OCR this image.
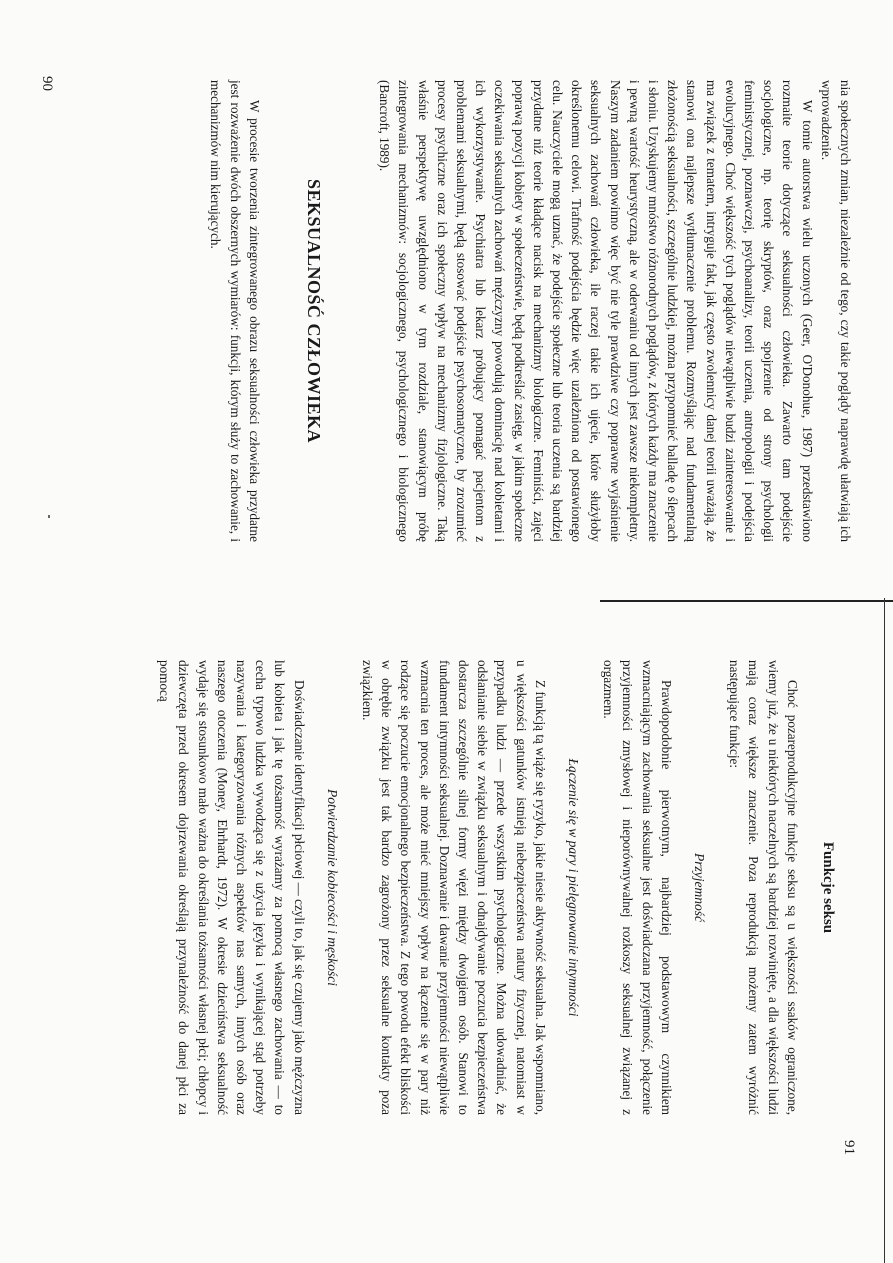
nia społecznych zmian, niezależnie od tego, czy takie poglądy naprawdę ułatwiają ich wprowadzenie.

W tomie autorstwa wielu uczonych (Geer, O'Donohue, 1987) przedstawiono rozmaite teorie dotyczące seksualności człowieka. Zawarto tam podejście socjologiczne, np. teorię skryptów, oraz spojrzenie od strony psychologii feministycznej, poznawczej, psychoanalizy, teorii uczenia, antropologii i podejścia ewolucyjnego. Choć większość tych poglądów niewątpliwie budzi zainteresowanie i ma związek z tematem, intryguje fakt, jak często zwolennicy danej teorii uważają, że stanowi ona najlepsze wytłumaczenie problemu. Rozmyślając nad fundamentalną złożonością seksualności, szczególnie ludzkiej, można przypomnieć balladę o ślepcach i słoniu. Uzyskujemy mnóstwo różnorodnych poglądów, z których każdy ma znaczenie i pewną wartość heurystyczną, ale w oderwaniu od innych jest zawsze niekompletny. Naszym zadaniem powinno więc być nie tyle prawdziwe czy poprawne wyjaśnienie seksualnych zachowań człowieka, ile raczej takie ich ujęcie, które służyłoby określonemu celowi. Trafność podejścia będzie więc uzależniona od postawionego celu. Nauczyciele mogą uznać, że podejście społeczne lub teoria uczenia są bardziej przydatne niż teorie kładące nacisk na mechanizmy biologiczne. Feminiści, zajęci poprawą pozycji kobiety w społeczeństwie, będą podkreślać zasięg, w jakim społeczne oczekiwania seksualnych zachowań mężczyzny powodują dominację nad kobietami i ich wykorzystywanie. Psychiatra lub lekarz próbujący pomagać pacjentom z problemami seksualnymi, będą stosować podejście psychosomatyczne, by zrozumieć procesy psychiczne oraz ich społeczny wpływ na mechanizmy fizjologiczne. Taką właśnie perspektywę uwzględniono w tym rozdziale, stanowiącym próbę zintegrowania mechanizmów: socjologicznego, psychologicznego i biologicznego (Bancroft, 1989).

SEKSUALNOŚĆ CZŁOWIEKA

W procesie tworzenia zintegrowanego obrazu seksualności człowieka przydatne jest rozważenie dwóch obszernych wymiarów: funkcji, którym służy to zachowanie, i mechanizmów nim kierujących.

90
Funkcje seksu

Choć pozareprodukcyjne funkcje seksu są u większości ssaków ograniczone, wiemy już, że u niektórych naczelnych są bardziej rozwinięte, a dla większości ludzi mają coraz większe znaczenie. Poza reprodukcją możemy zatem wyróżnić następujące funkcje:

Przyjemność

Prawdopodobnie pierwotnym, najbardziej podstawowym czynnikiem wzmacniającym zachowania seksualne jest doświadczana przyjemność, połączenie przyjemności zmysłowej i nieporównywalnej rozkoszy seksualnej związanej z orgazmem.

Łączenie się w pary i pielęgnowanie intymności

Z funkcją tą wiąże się ryzyko, jakie niesie aktywność seksualna. Jak wspomniano, u większości gatunków istnieją niebezpieczeństwa natury fizycznej, natomiast w przypadku ludzi — przede wszystkim psychologiczne. Można udowadniać, że odsłanianie siebie w związku seksualnym i odnajdywanie poczucia bezpieczeństwa dostarcza szczególnie silnej formy więzi między dwojgiem osób. Stanowi to fundament intymności seksualnej. Doznawanie i dawanie przyjemności niewątpliwie wzmacnia ten proces, ale może mieć mniejszy wpływ na łączenie się w pary niż rodzące się poczucie emocjonalnego bezpieczeństwa. Z tego powodu efekt bliskości w obrębie związku jest tak bardzo zagrożony przez seksualne kontakty poza związkiem.

Potwierdzanie kobiecości i męskości

Doświadczanie identyfikacji płciowej — czyli to, jak się czujemy jako mężczyzna lub kobieta i jak tę tożsamość wyrażamy za pomocą własnego zachowania — to cecha typowo ludzka wywodząca się z użycia języka i wynikającej stąd potrzeby nazywania i kategoryzowania różnych aspektów nas samych, innych osób oraz naszego otoczenia (Money, Ehrhardt, 1972). W okresie dzieciństwa seksualność wydaje się stosunkowo mało ważna do określania tożsamości własnej płci; chłopcy i dziewczęta przed okresem dojrzewania określają przynależność do danej płci za pomocą

91
